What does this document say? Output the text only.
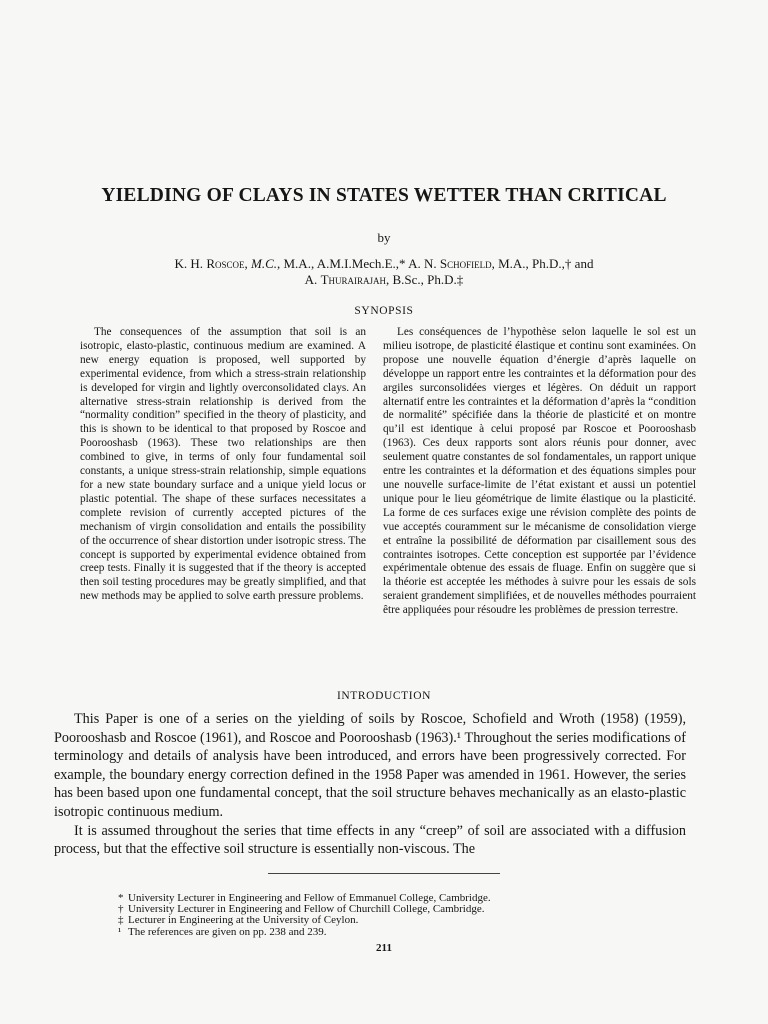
YIELDING OF CLAYS IN STATES WETTER THAN CRITICAL
by
K. H. Roscoe, M.C., M.A., A.M.I.Mech.E.,* A. N. Schofield, M.A., Ph.D.,† and
A. Thurairajah, B.Sc., Ph.D.‡
SYNOPSIS

The consequences of the assumption that soil is an isotropic, elasto-plastic, continuous medium are examined. A new energy equation is proposed, well supported by experimental evidence, from which a stress-strain relationship is developed for virgin and lightly overconsolidated clays. An alternative stress-strain relationship is derived from the “normality condition” specified in the theory of plasticity, and this is shown to be identical to that proposed by Roscoe and Poorooshasb (1963). These two relationships are then combined to give, in terms of only four fundamental soil constants, a unique stress-strain relationship, simple equations for a new state boundary surface and a unique yield locus or plastic potential. The shape of these surfaces necessitates a complete revision of currently accepted pictures of the mechanism of virgin consolidation and entails the possibility of the occurrence of shear distortion under isotropic stress. The concept is supported by experimental evidence obtained from creep tests. Finally it is suggested that if the theory is accepted then soil testing procedures may be greatly simplified, and that new methods may be applied to solve earth pressure problems.

Les conséquences de l’hypothèse selon laquelle le sol est un milieu isotrope, de plasticité élastique et continu sont examinées. On propose une nouvelle équation d’énergie d’après laquelle on développe un rapport entre les contraintes et la déformation pour des argiles surconsolidées vierges et légères. On déduit un rapport alternatif entre les contraintes et la déformation d’après la “condition de normalité” spécifiée dans la théorie de plasticité et on montre qu’il est identique à celui proposé par Roscoe et Poorooshasb (1963). Ces deux rapports sont alors réunis pour donner, avec seulement quatre constantes de sol fondamentales, un rapport unique entre les contraintes et la déformation et des équations simples pour une nouvelle surface-limite de l’état existant et aussi un potentiel unique pour le lieu géométrique de limite élastique ou la plasticité. La forme de ces surfaces exige une révision complète des points de vue acceptés couramment sur le mécanisme de consolidation vierge et entraîne la possibilité de déformation par cisaillement sous des contraintes isotropes. Cette conception est supportée par l’évidence expérimentale obtenue des essais de fluage. Enfin on suggère que si la théorie est acceptée les méthodes à suivre pour les essais de sols seraient grandement simplifiées, et de nouvelles méthodes pourraient être appliquées pour résoudre les problèmes de pression terrestre.

INTRODUCTION

This Paper is one of a series on the yielding of soils by Roscoe, Schofield and Wroth (1958) (1959), Poorooshasb and Roscoe (1961), and Roscoe and Poorooshasb (1963).¹ Throughout the series modifications of terminology and details of analysis have been introduced, and errors have been progressively corrected. For example, the boundary energy correction defined in the 1958 Paper was amended in 1961. However, the series has been based upon one fundamental concept, that the soil structure behaves mechanically as an elasto-plastic isotropic continuous medium.

It is assumed throughout the series that time effects in any “creep” of soil are associated with a diffusion process, but that the effective soil structure is essentially non-viscous. The

* University Lecturer in Engineering and Fellow of Emmanuel College, Cambridge.
† University Lecturer in Engineering and Fellow of Churchill College, Cambridge.
‡ Lecturer in Engineering at the University of Ceylon.
¹ The references are given on pp. 238 and 239.
211
